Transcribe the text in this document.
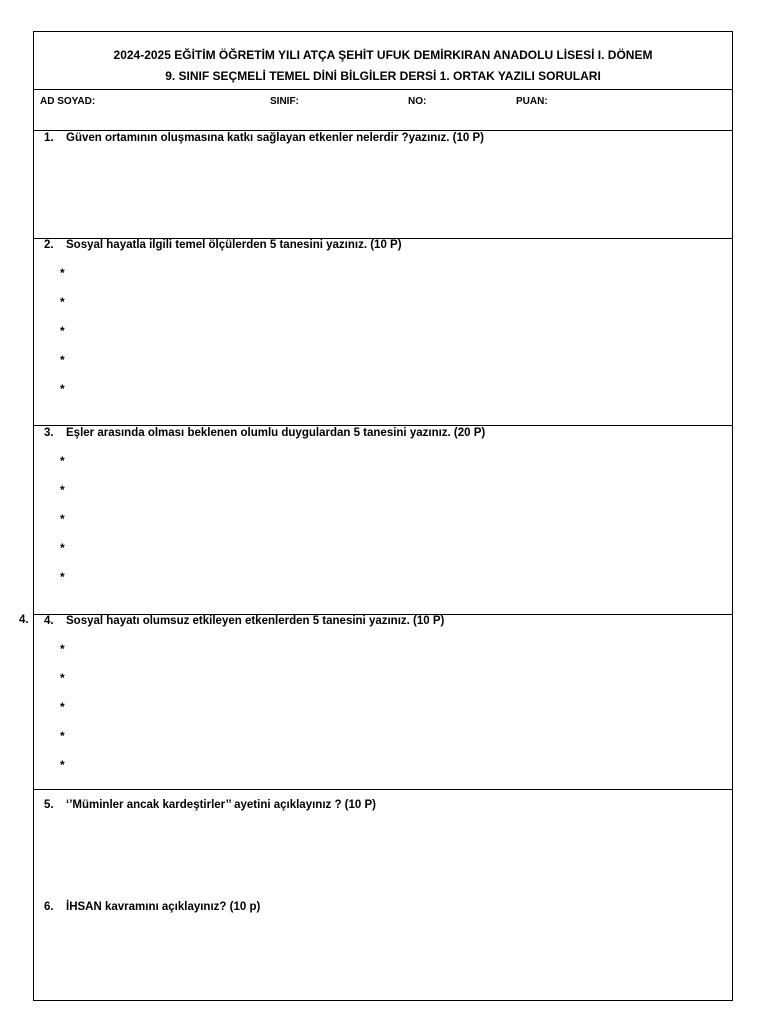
4.
2024-2025 EĞİTİM ÖĞRETİM YILI ATÇA ŞEHİT UFUK DEMİRKIRAN ANADOLU LİSESİ I. DÖNEM
9. SINIF SEÇMELİ TEMEL DİNİ BİLGİLER DERSİ 1. ORTAK YAZILI SORULARI
AD SOYAD:	SINIF:	NO:	PUAN:
1. Güven ortamının oluşmasına katkı sağlayan etkenler nelerdir ?yazınız. (10 P)
2. Sosyal hayatla ilgili temel ölçülerden 5 tanesini yazınız. (10 P)
*
*
*
*
*
3. Eşler arasında olması beklenen olumlu duygulardan 5 tanesini yazınız. (20 P)
*
*
*
*
*
4. Sosyal hayatı olumsuz etkileyen etkenlerden 5 tanesini yazınız. (10 P)
*
*
*
*
*
5. ‘’Müminler ancak kardeştirler’’ ayetini açıklayınız ? (10 P)
6. İHSAN kavramını açıklayınız? (10 p)
